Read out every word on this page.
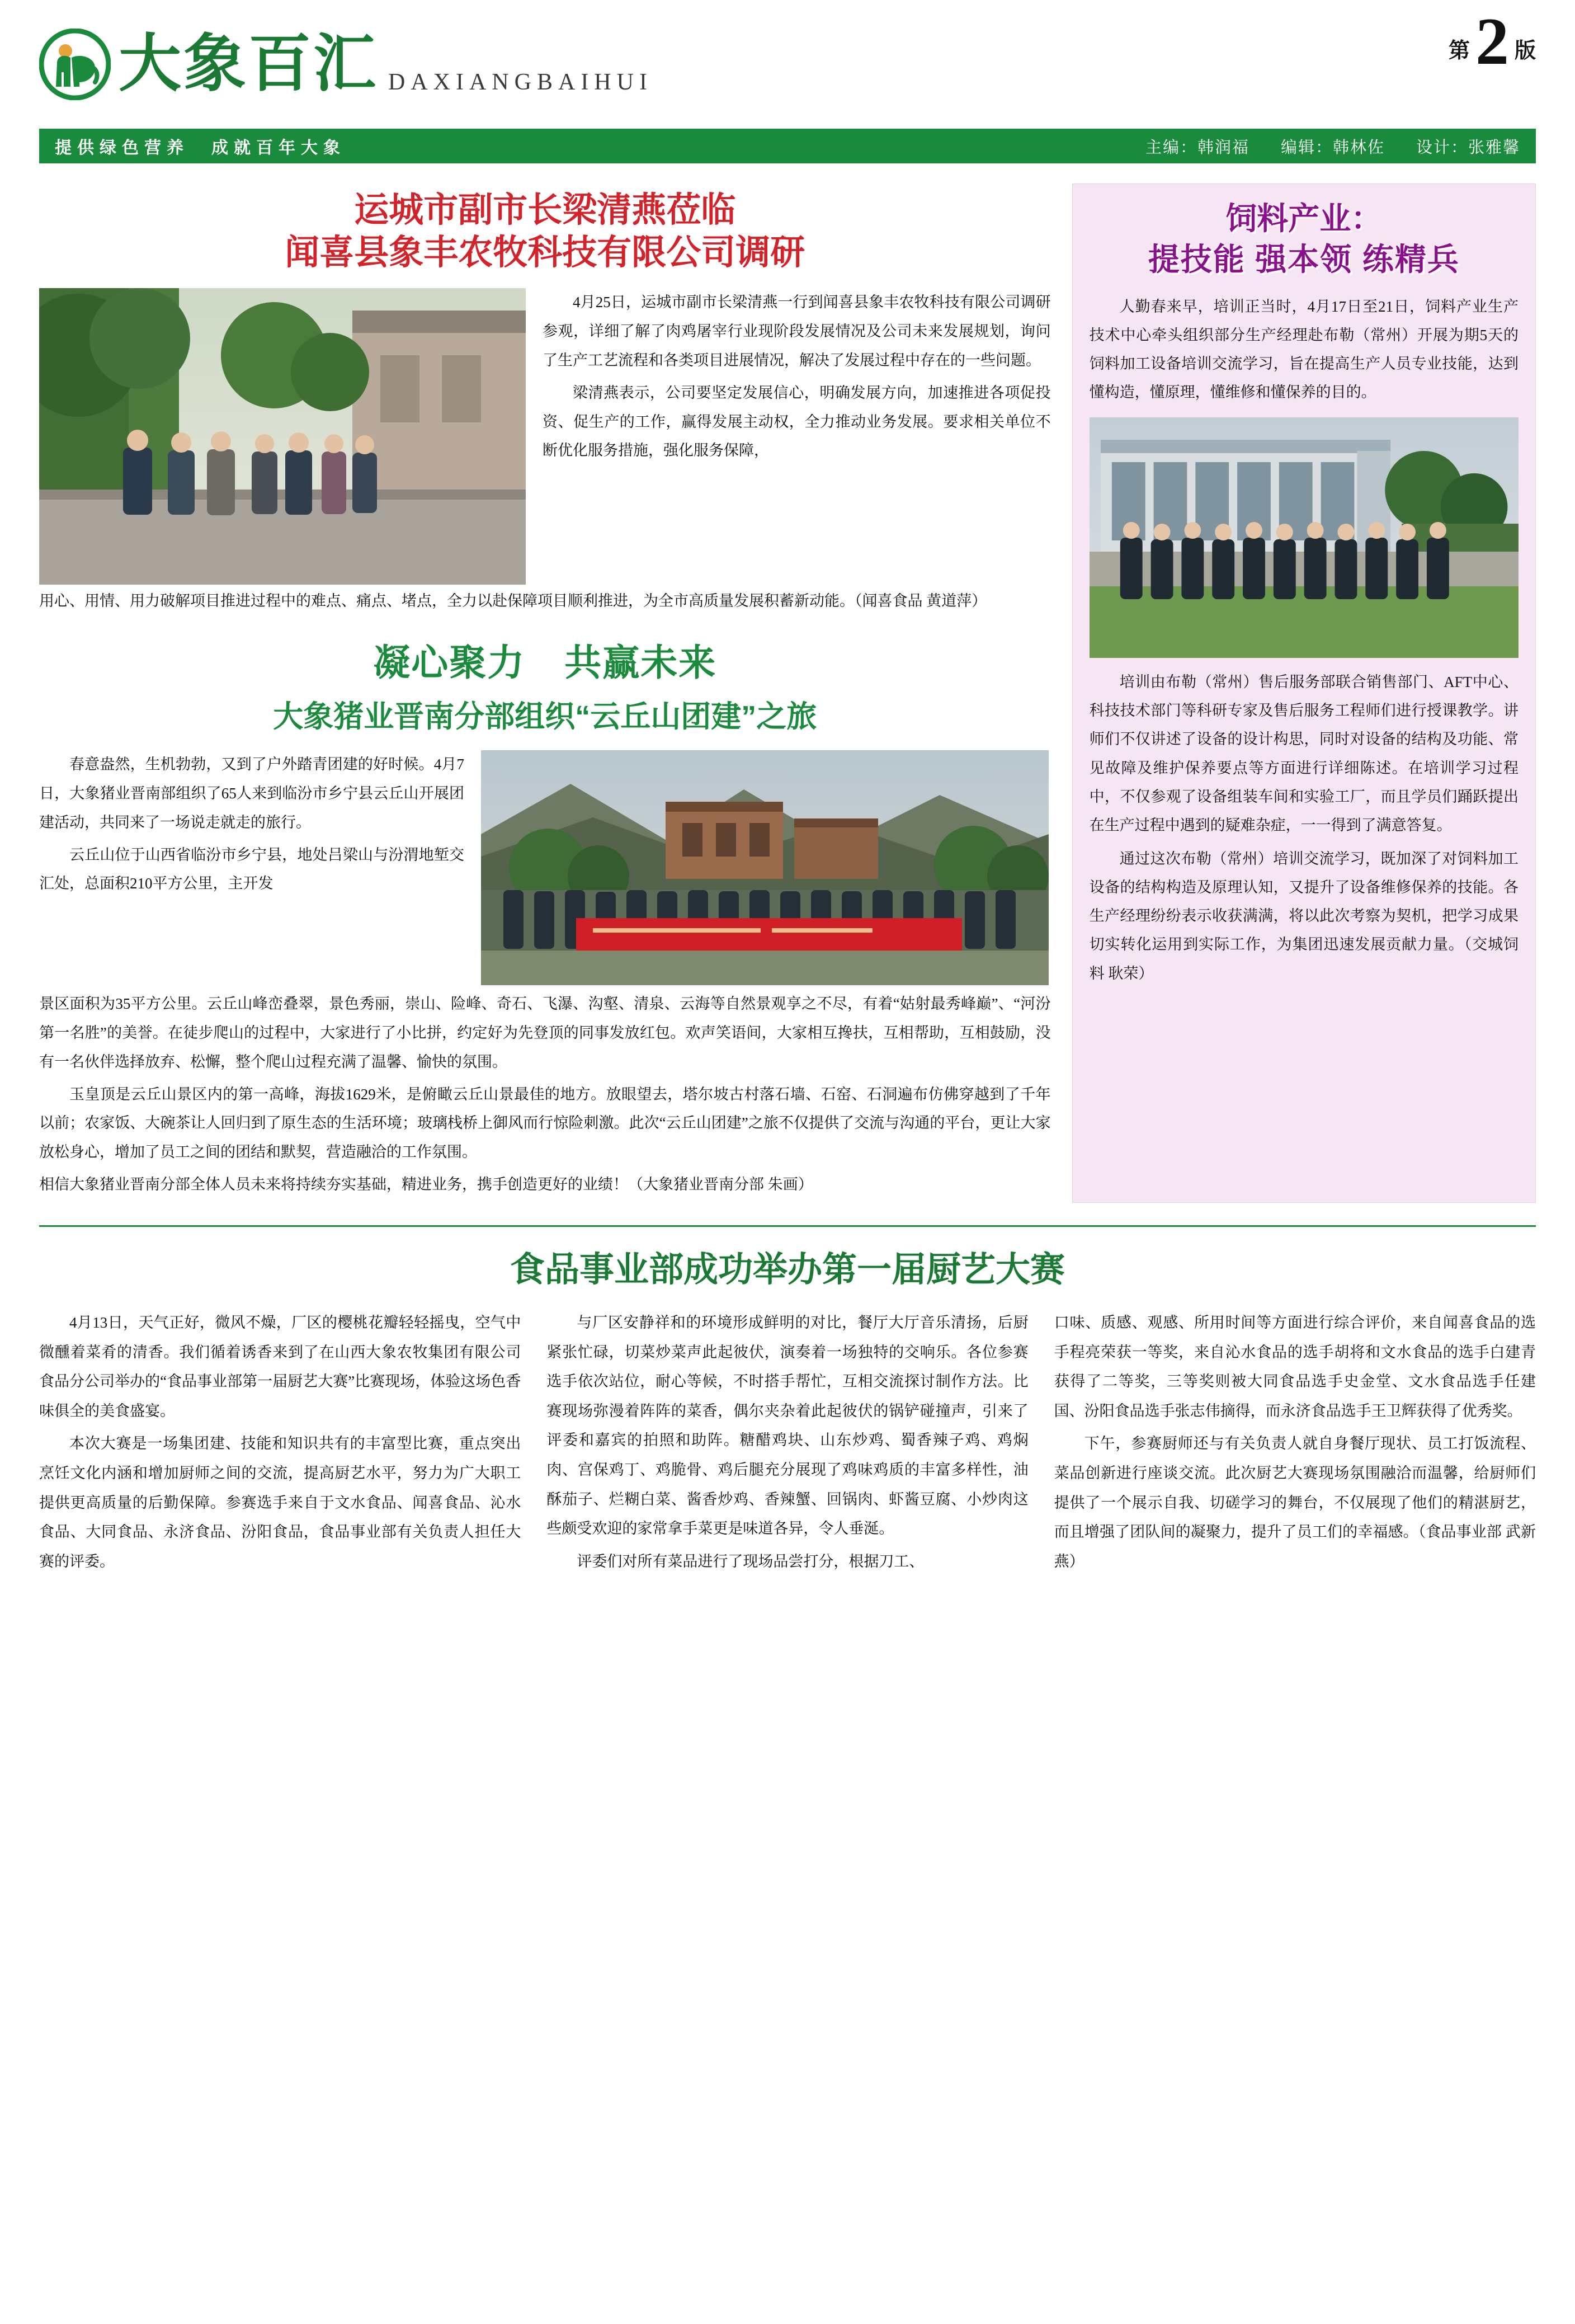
大象百汇 DAXIANGBAIHUI
第 2 版
提供绿色营养　成就百年大象	主编：韩润福 编辑：韩林佐 设计：张雅馨
运城市副市长梁清燕莅临
闻喜县象丰农牧科技有限公司调研

4月25日，运城市副市长梁清燕一行到闻喜县象丰农牧科技有限公司调研参观，详细了解了肉鸡屠宰行业现阶段发展情况及公司未来发展规划，询问了生产工艺流程和各类项目进展情况，解决了发展过程中存在的一些问题。

梁清燕表示，公司要坚定发展信心，明确发展方向，加速推进各项促投资、促生产的工作，赢得发展主动权，全力推动业务发展。要求相关单位不断优化服务措施，强化服务保障，

用心、用情、用力破解项目推进过程中的难点、痛点、堵点，全力以赴保障项目顺利推进，为全市高质量发展积蓄新动能。（闻喜食品 黄道萍）

凝心聚力 共赢未来
大象猪业晋南分部组织“云丘山团建”之旅

春意盎然，生机勃勃，又到了户外踏青团建的好时候。4月7日，大象猪业晋南部组织了65人来到临汾市乡宁县云丘山开展团建活动，共同来了一场说走就走的旅行。

云丘山位于山西省临汾市乡宁县，地处吕梁山与汾渭地堑交汇处，总面积210平方公里，主开发

景区面积为35平方公里。云丘山峰峦叠翠，景色秀丽，崇山、险峰、奇石、飞瀑、沟壑、清泉、云海等自然景观享之不尽，有着“姑射最秀峰巅”、“河汾第一名胜”的美誉。在徒步爬山的过程中，大家进行了小比拼，约定好为先登顶的同事发放红包。欢声笑语间，大家相互搀扶，互相帮助，互相鼓励，没有一名伙伴选择放弃、松懈，整个爬山过程充满了温馨、愉快的氛围。

玉皇顶是云丘山景区内的第一高峰，海拔1629米，是俯瞰云丘山景最佳的地方。放眼望去，塔尔坡古村落石墙、石窑、石洞遍布仿佛穿越到了千年以前；农家饭、大碗茶让人回归到了原生态的生活环境；玻璃栈桥上御风而行惊险刺激。此次“云丘山团建”之旅不仅提供了交流与沟通的平台，更让大家放松身心，增加了员工之间的团结和默契，营造融洽的工作氛围。

相信大象猪业晋南分部全体人员未来将持续夯实基础，精进业务，携手创造更好的业绩！（大象猪业晋南分部 朱画）

饲料产业：
提技能 强本领 练精兵

人勤春来早，培训正当时，4月17日至21日，饲料产业生产技术中心牵头组织部分生产经理赴布勒（常州）开展为期5天的饲料加工设备培训交流学习，旨在提高生产人员专业技能，达到懂构造，懂原理，懂维修和懂保养的目的。

培训由布勒（常州）售后服务部联合销售部门、AFT中心、科技技术部门等科研专家及售后服务工程师们进行授课教学。讲师们不仅讲述了设备的设计构思，同时对设备的结构及功能、常见故障及维护保养要点等方面进行详细陈述。在培训学习过程中，不仅参观了设备组装车间和实验工厂，而且学员们踊跃提出在生产过程中遇到的疑难杂症，一一得到了满意答复。

通过这次布勒（常州）培训交流学习，既加深了对饲料加工设备的结构构造及原理认知，又提升了设备维修保养的技能。各生产经理纷纷表示收获满满，将以此次考察为契机，把学习成果切实转化运用到实际工作，为集团迅速发展贡献力量。（交城饲料 耿荣）

食品事业部成功举办第一届厨艺大赛

4月13日，天气正好，微风不燥，厂区的樱桃花瓣轻轻摇曳，空气中微醺着菜肴的清香。我们循着诱香来到了在山西大象农牧集团有限公司食品分公司举办的“食品事业部第一届厨艺大赛”比赛现场，体验这场色香味俱全的美食盛宴。

本次大赛是一场集团建、技能和知识共有的丰富型比赛，重点突出烹饪文化内涵和增加厨师之间的交流，提高厨艺水平，努力为广大职工提供更高质量的后勤保障。参赛选手来自于文水食品、闻喜食品、沁水食品、大同食品、永济食品、汾阳食品，食品事业部有关负责人担任大赛的评委。

与厂区安静祥和的环境形成鲜明的对比，餐厅大厅音乐清扬，后厨紧张忙碌，切菜炒菜声此起彼伏，演奏着一场独特的交响乐。各位参赛选手依次站位，耐心等候，不时搭手帮忙，互相交流探讨制作方法。比赛现场弥漫着阵阵的菜香，偶尔夹杂着此起彼伏的锅铲碰撞声，引来了评委和嘉宾的拍照和助阵。糖醋鸡块、山东炒鸡、蜀香辣子鸡、鸡焖肉、宫保鸡丁、鸡脆骨、鸡后腿充分展现了鸡味鸡质的丰富多样性，油酥茄子、烂糊白菜、酱香炒鸡、香辣蟹、回锅肉、虾酱豆腐、小炒肉这些颇受欢迎的家常拿手菜更是味道各异，令人垂涎。

评委们对所有菜品进行了现场品尝打分，根据刀工、

口味、质感、观感、所用时间等方面进行综合评价，来自闻喜食品的选手程亮荣获一等奖，来自沁水食品的选手胡将和文水食品的选手白建青获得了二等奖，三等奖则被大同食品选手史金堂、文水食品选手任建国、汾阳食品选手张志伟摘得，而永济食品选手王卫辉获得了优秀奖。

下午，参赛厨师还与有关负责人就自身餐厅现状、员工打饭流程、菜品创新进行座谈交流。此次厨艺大赛现场氛围融洽而温馨，给厨师们提供了一个展示自我、切磋学习的舞台，不仅展现了他们的精湛厨艺，而且增强了团队间的凝聚力，提升了员工们的幸福感。（食品事业部 武新燕）
